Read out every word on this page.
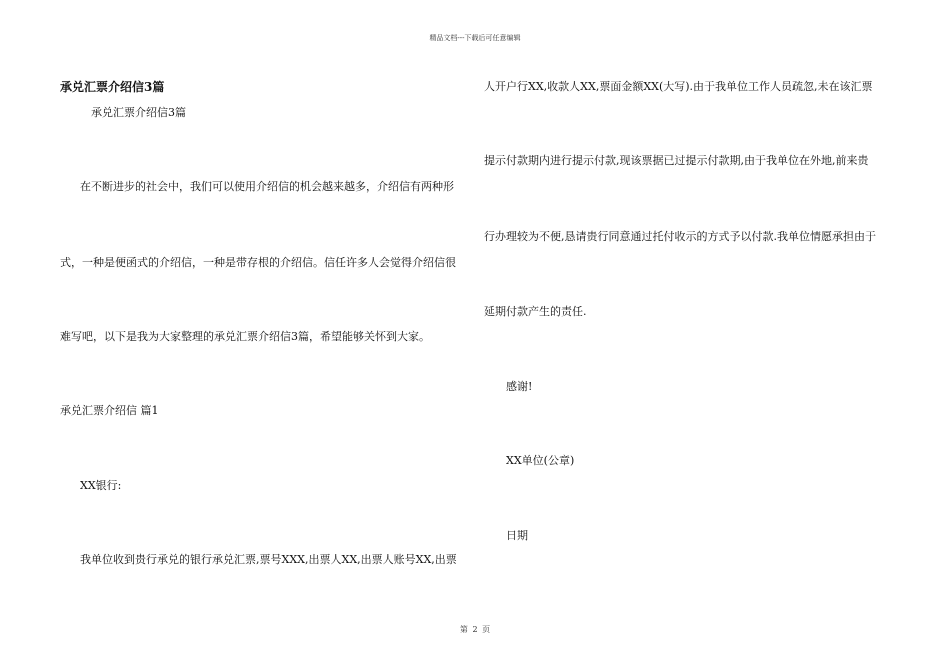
精品文档---下载后可任意编辑
承兑汇票介绍信3篇
承兑汇票介绍信3篇
在不断进步的社会中，我们可以使用介绍信的机会越来越多，介绍信有两种形
式，一种是便函式的介绍信，一种是带存根的介绍信。信任许多人会觉得介绍信很
难写吧，以下是我为大家整理的承兑汇票介绍信3篇，希望能够关怀到大家。
承兑汇票介绍信 篇1
XX银行:
我单位收到贵行承兑的银行承兑汇票,票号XXX,出票人XX,出票人账号XX,出票
人开户行XX,收款人XX,票面金额XX(大写).由于我单位工作人员疏忽,未在该汇票
提示付款期内进行提示付款,现该票据已过提示付款期,由于我单位在外地,前来贵
行办理较为不便,恳请贵行同意通过托付收示的方式予以付款.我单位情愿承担由于
延期付款产生的责任.
感谢!
XX单位(公章)
日期
第 2 页
